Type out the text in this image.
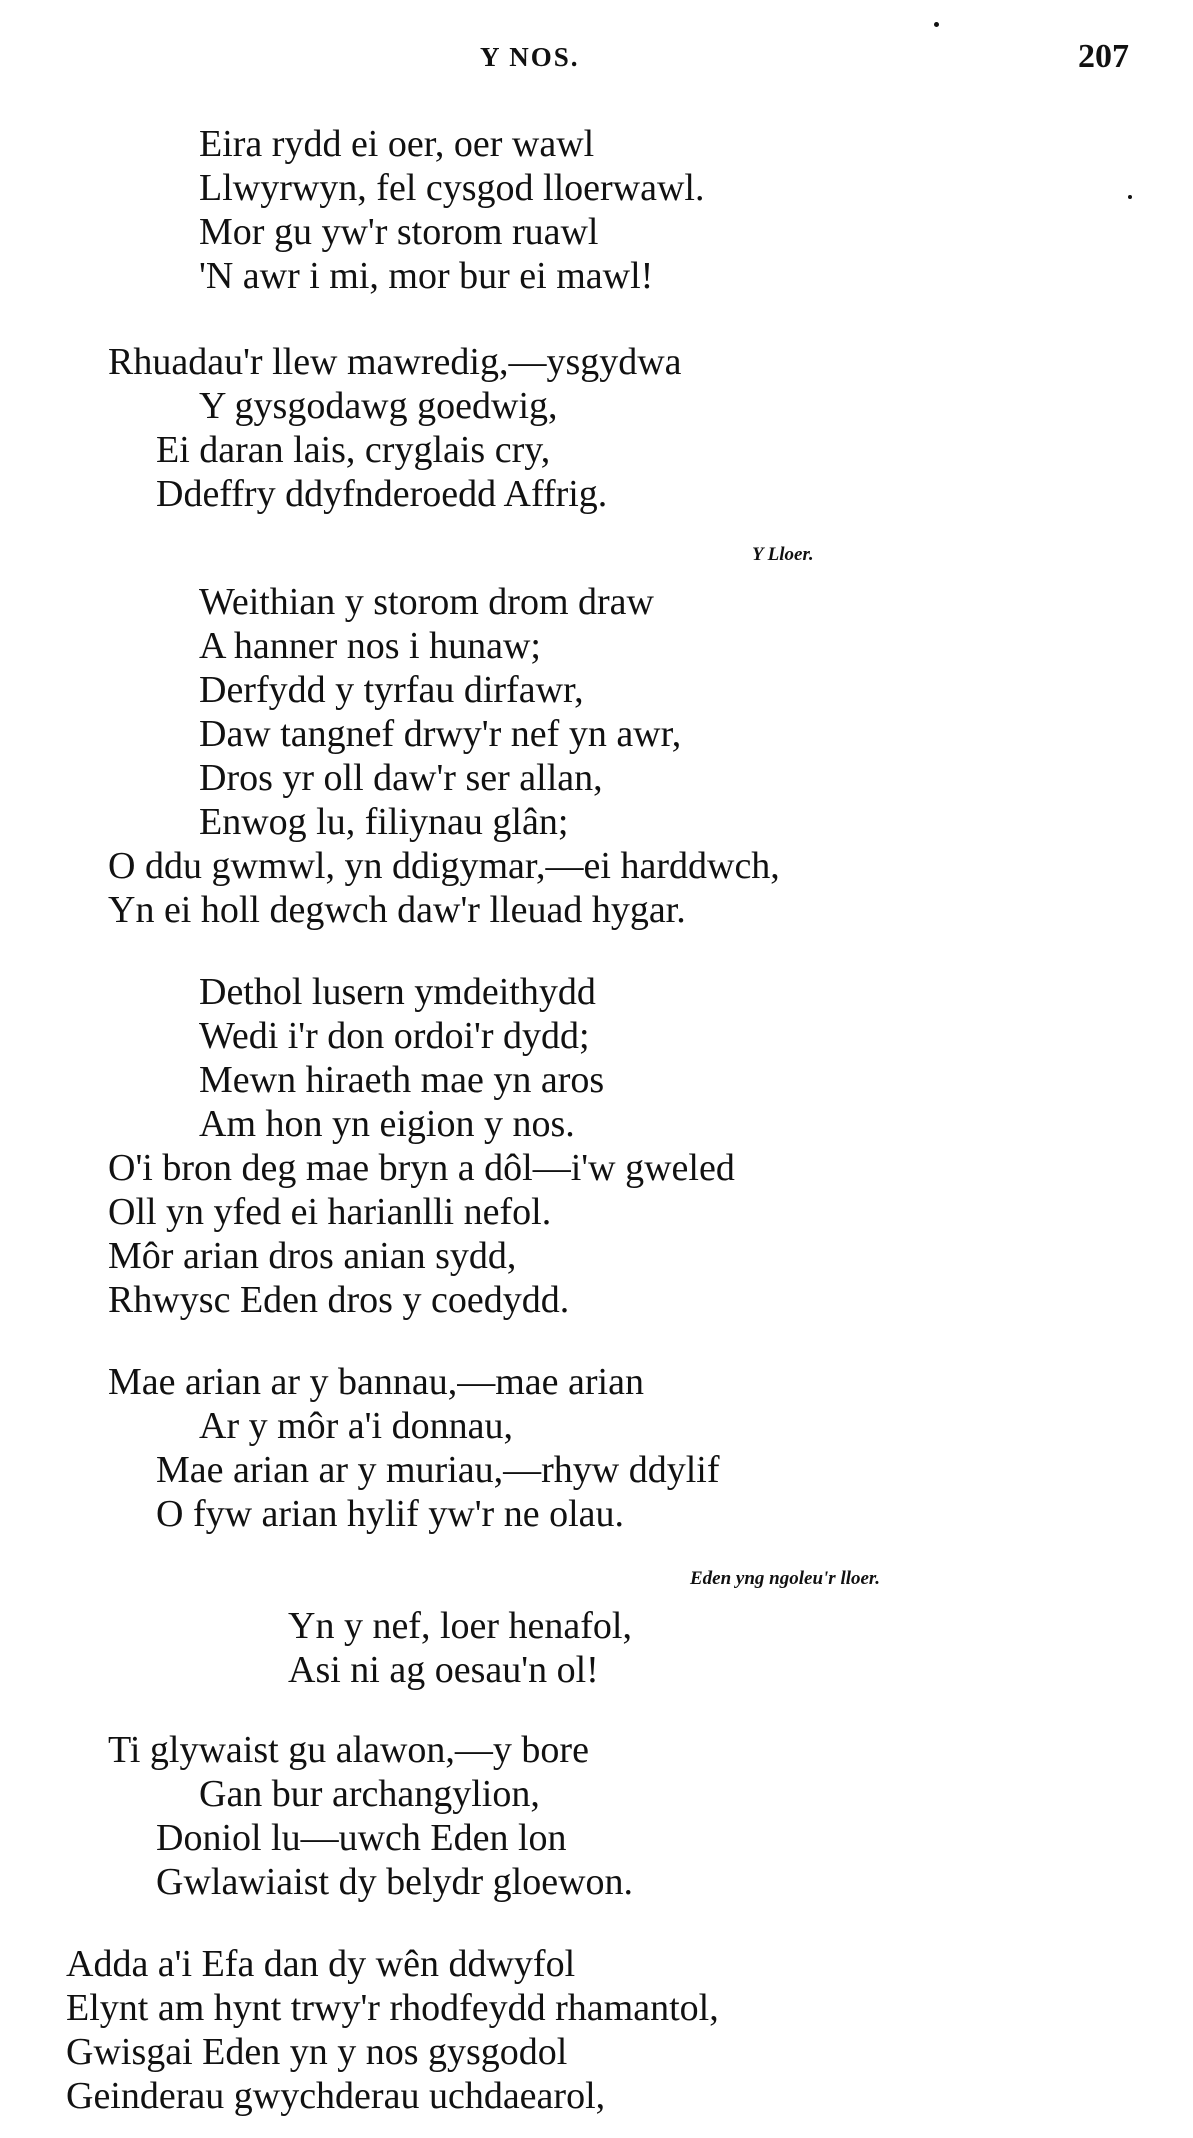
Y NOS.	207
Eira rydd ei oer, oer wawl
Llwyrwyn, fel cysgod lloerwawl.
Mor gu yw'r storom ruawl
'N awr i mi, mor bur ei mawl!
Rhuadau'r llew mawredig,—ysgydwa
Y gysgodawg goedwig,
Ei daran lais, cryglais cry,
Ddeffry ddyfnderoedd Affrig.
Y Lloer.
Weithian y storom drom draw
A hanner nos i hunaw;
Derfydd y tyrfau dirfawr,
Daw tangnef drwy'r nef yn awr,
Dros yr oll daw'r ser allan,
Enwog lu, filiynau glân;
O ddu gwmwl, yn ddigymar,—ei harddwch,
Yn ei holl degwch daw'r lleuad hygar.
Dethol lusern ymdeithydd
Wedi i'r don ordoi'r dydd;
Mewn hiraeth mae yn aros
Am hon yn eigion y nos.
O'i bron deg mae bryn a dôl—i'w gweled
Oll yn yfed ei harianlli nefol.
Môr arian dros anian sydd,
Rhwysc Eden dros y coedydd.
Mae arian ar y bannau,—mae arian
Ar y môr a'i donnau,
Mae arian ar y muriau,—rhyw ddylif
O fyw arian hylif yw'r ne olau.
Eden yng ngoleu'r lloer.
Yn y nef, loer henafol,
Asi ni ag oesau'n ol!
Ti glywaist gu alawon,—y bore
Gan bur archangylion,
Doniol lu—uwch Eden lon
Gwlawiaist dy belydr gloewon.
Adda a'i Efa dan dy wên ddwyfol
Elynt am hynt trwy'r rhodfeydd rhamantol,
Gwisgai Eden yn y nos gysgodol
Geinderau gwychderau uchdaearol,
